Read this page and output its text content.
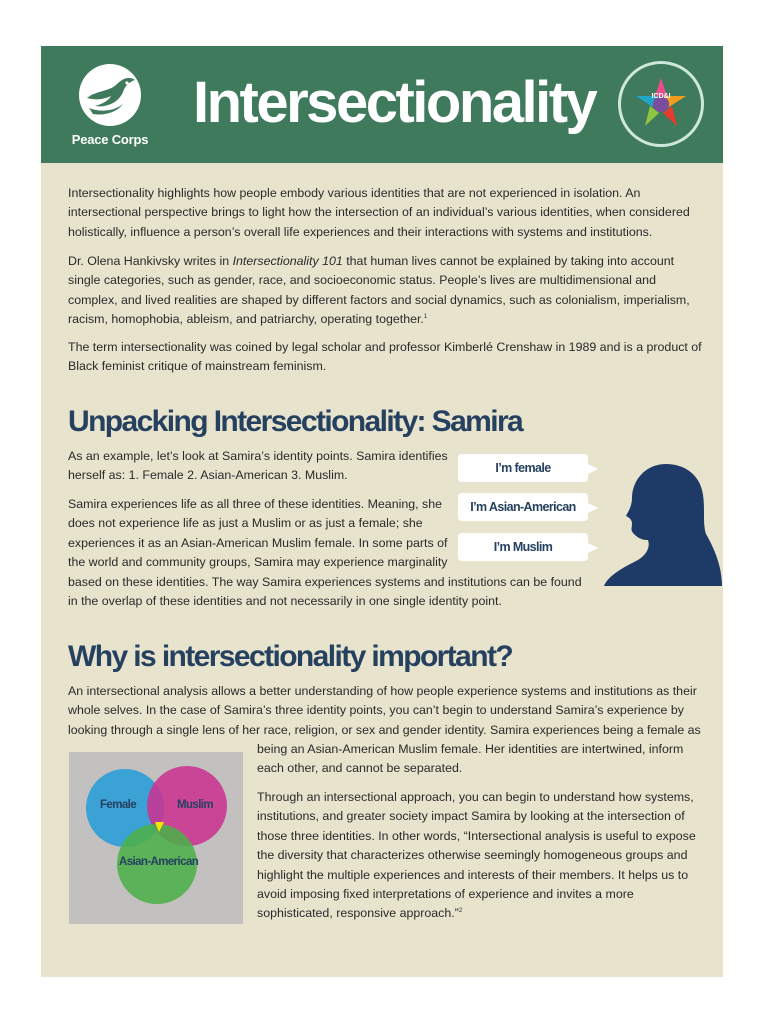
Peace Corps
Intersectionality	ICD&I

Intersectionality highlights how people embody various identities that are not experienced in isolation. An intersectional perspective brings to light how the intersection of an individual’s various identities, when considered holistically, influence a person’s overall life experiences and their interactions with systems and institutions.

Dr. Olena Hankivsky writes in Intersectionality 101 that human lives cannot be explained by taking into account single categories, such as gender, race, and socioeconomic status. People’s lives are multidimensional and complex, and lived realities are shaped by different factors and social dynamics, such as colonialism, imperialism, racism, homophobia, ableism, and patriarchy, operating together.$^1$

The term intersectionality was coined by legal scholar and professor Kimberlé Crenshaw in 1989 and is a product of Black feminist critique of mainstream feminism.

Unpacking Intersectionality: Samira

As an example, let’s look at Samira’s identity points. Samira identifies herself as: 1. Female 2. Asian-American 3. Muslim.

Samira experiences life as all three of these identities. Meaning, she
does not experience life as just a Muslim or as just a female; she
experiences it as an Asian-American Muslim female. In some parts of
the world and community groups, Samira may experience marginality
based on these identities. The way Samira experiences systems and institutions can be found
in the overlap of these identities and not necessarily in one single identity point.
I’m female
I’m Asian-American
I’m Muslim
Why is intersectionality important?
An intersectional analysis allows a better understanding of how people experience systems and institutions as their
whole selves. In the case of Samira’s three identity points, you can’t begin to understand Samira’s experience by
looking through a single lens of her race, religion, or sex and gender identity. Samira experiences being a female as
being an Asian-American Muslim female. Her identities are intertwined, inform
each other, and cannot be separated.
Through an intersectional approach, you can begin to understand how systems,
institutions, and greater society impact Samira by looking at the intersection of
those three identities. In other words, “Intersectional analysis is useful to expose
the diversity that characterizes otherwise seemingly homogeneous groups and
highlight the multiple experiences and interests of their members. It helps us to
avoid imposing fixed interpretations of experience and invites a more
sophisticated, responsive approach.”$^2$
Female	Muslim
Asian-American
